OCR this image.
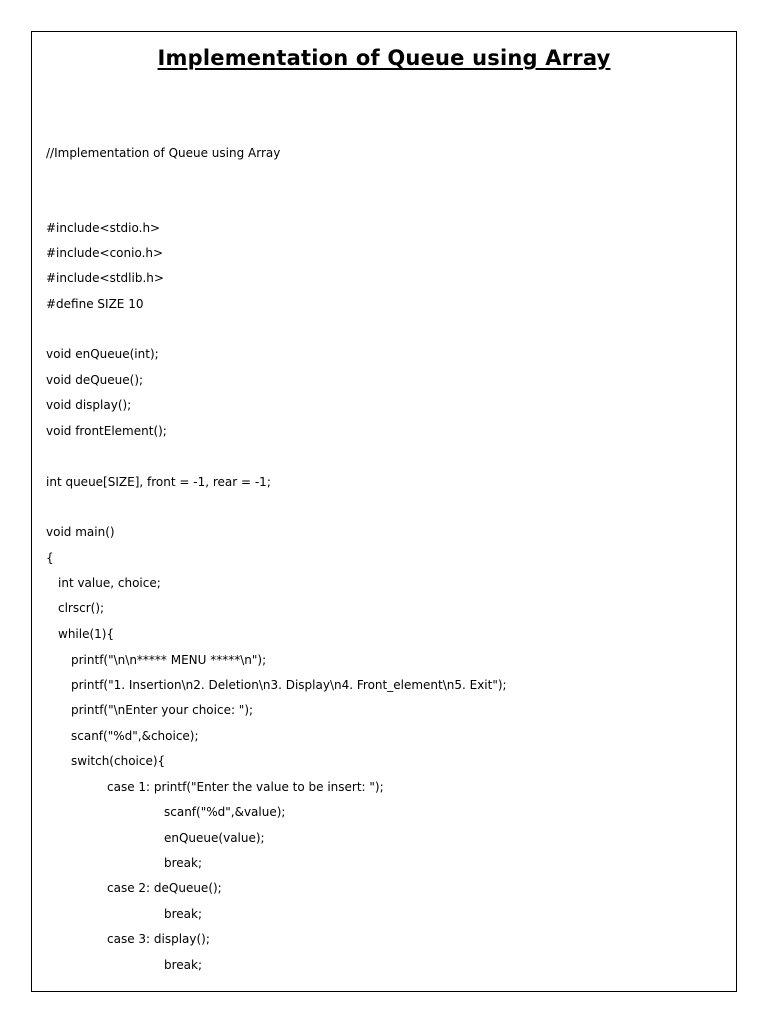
Implementation of Queue using Array

//Implementation of Queue using Array

#include<stdio.h>

#include<conio.h>

#include<stdlib.h>

#define SIZE 10

void enQueue(int);

void deQueue();

void display();

void frontElement();

int queue[SIZE], front = -1, rear = -1;

void main()

{

int value, choice;

clrscr();

while(1){

printf("\n\n***** MENU *****\n");

printf("1. Insertion\n2. Deletion\n3. Display\n4. Front_element\n5. Exit");

printf("\nEnter your choice: ");

scanf("%d",&choice);

switch(choice){

case 1: printf("Enter the value to be insert: ");

scanf("%d",&value);

enQueue(value);

break;

case 2: deQueue();

break;

case 3: display();

break;
